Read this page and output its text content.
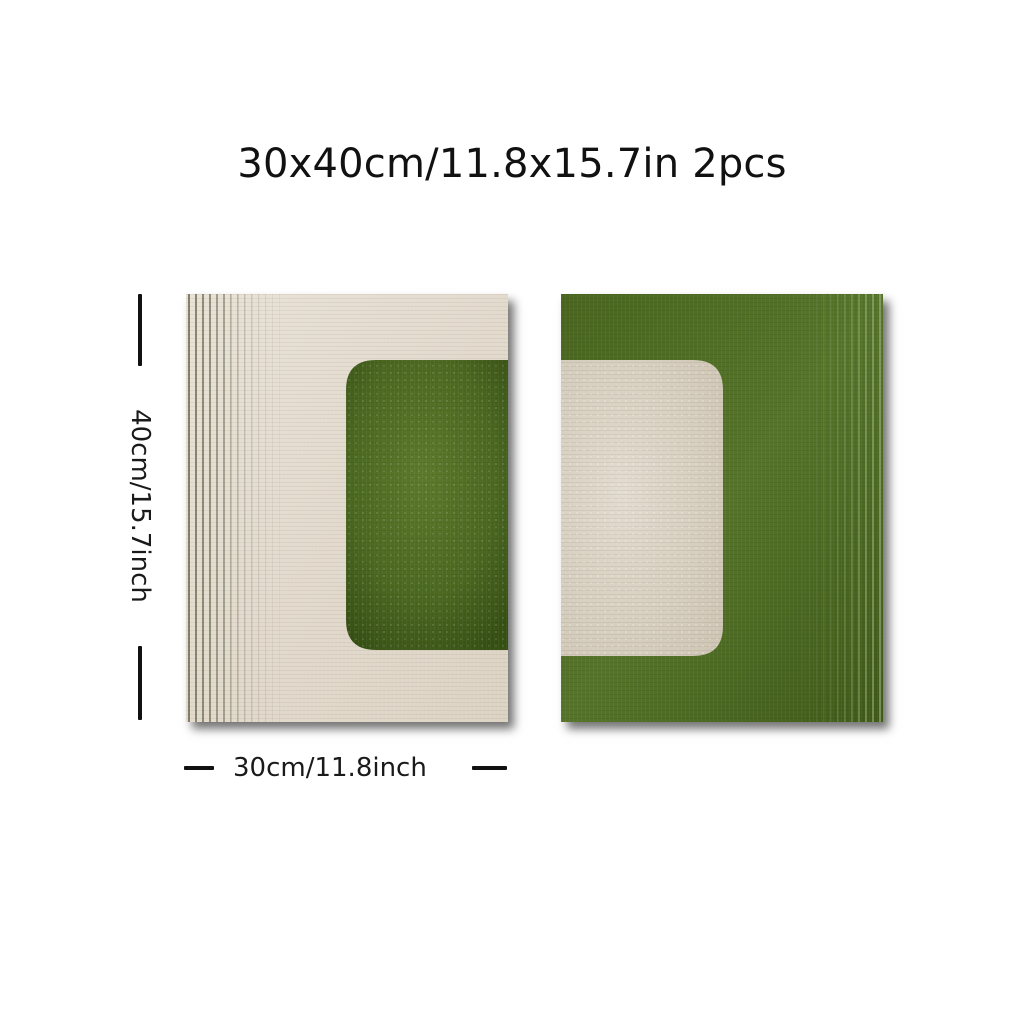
30x40cm/11.8x15.7in 2pcs
40cm/15.7inch
30cm/11.8inch
